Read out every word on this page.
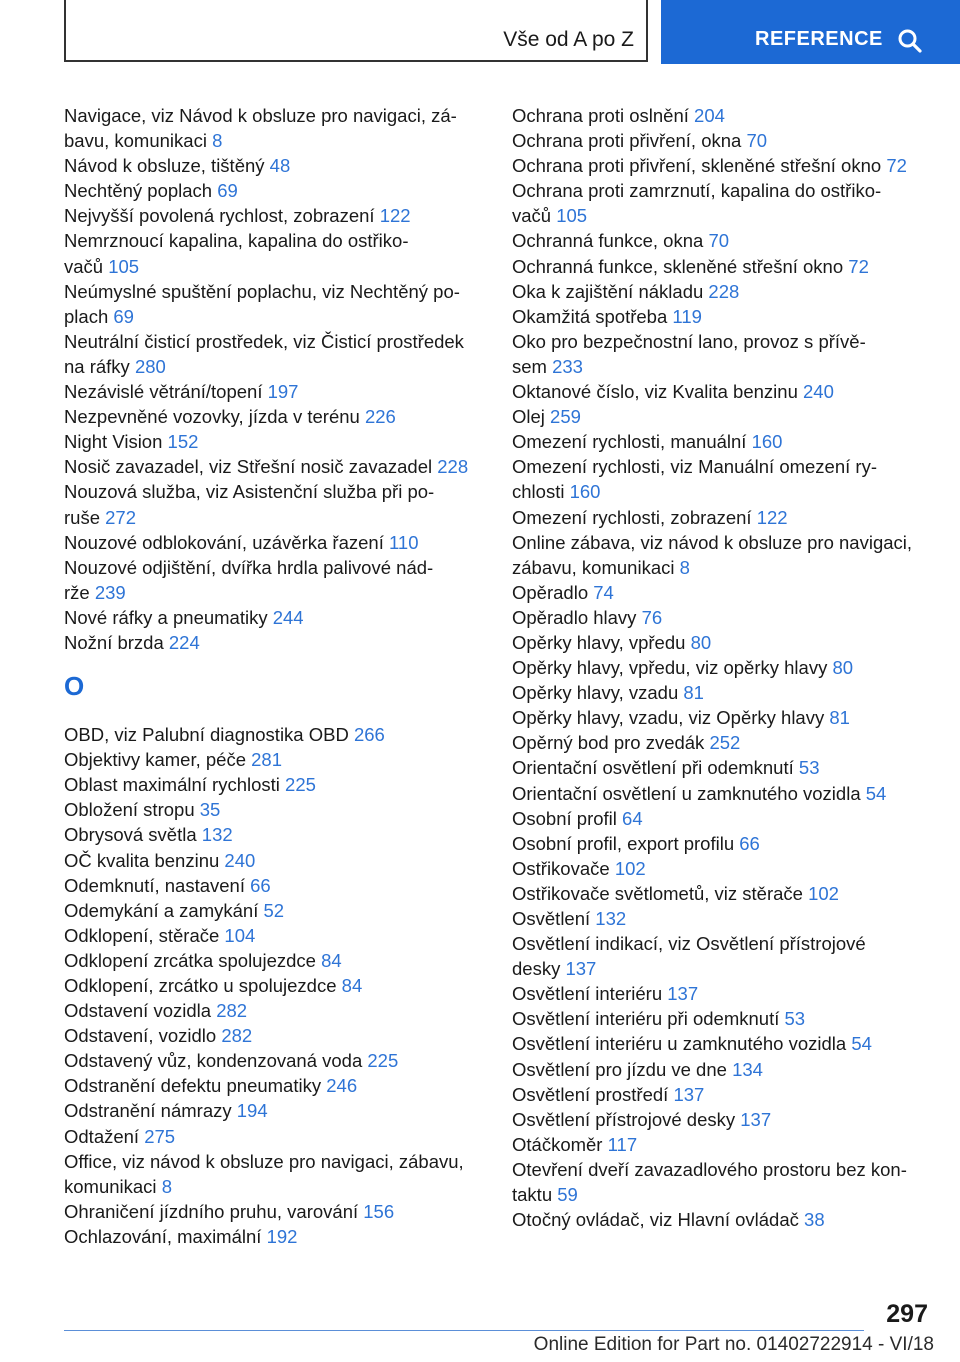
Vše od A po Z	REFERENCE
Navigace, viz Návod k obsluze pro navigaci, zá‐
bavu, komunikaci 8
Návod k obsluze, tištěný 48
Nechtěný poplach 69
Nejvyšší povolená rychlost, zobrazení 122
Nemrznoucí kapalina, kapalina do ostřiko‐
vačů 105
Neúmyslné spuštění poplachu, viz Nechtěný po‐
plach 69
Neutrální čisticí prostředek, viz Čisticí prostředek
na ráfky 280
Nezávislé větrání/topení 197
Nezpevněné vozovky, jízda v terénu 226
Night Vision 152
Nosič zavazadel, viz Střešní nosič zavazadel 228
Nouzová služba, viz Asistenční služba při po‐
ruše 272
Nouzové odblokování, uzávěrka řazení 110
Nouzové odjištění, dvířka hrdla palivové nád‐
rže 239
Nové ráfky a pneumatiky 244
Nožní brzda 224
O
OBD, viz Palubní diagnostika OBD 266
Objektivy kamer, péče 281
Oblast maximální rychlosti 225
Obložení stropu 35
Obrysová světla 132
OČ kvalita benzinu 240
Odemknutí, nastavení 66
Odemykání a zamykání 52
Odklopení, stěrače 104
Odklopení zrcátka spolujezdce 84
Odklopení, zrcátko u spolujezdce 84
Odstavení vozidla 282
Odstavení, vozidlo 282
Odstavený vůz, kondenzovaná voda 225
Odstranění defektu pneumatiky 246
Odstranění námrazy 194
Odtažení 275
Office, viz návod k obsluze pro navigaci, zábavu,
komunikaci 8
Ohraničení jízdního pruhu, varování 156
Ochlazování, maximální 192
Ochrana proti oslnění 204
Ochrana proti přivření, okna 70
Ochrana proti přivření, skleněné střešní okno 72
Ochrana proti zamrznutí, kapalina do ostřiko‐
vačů 105
Ochranná funkce, okna 70
Ochranná funkce, skleněné střešní okno 72
Oka k zajištění nákladu 228
Okamžitá spotřeba 119
Oko pro bezpečnostní lano, provoz s přívě‐
sem 233
Oktanové číslo, viz Kvalita benzinu 240
Olej 259
Omezení rychlosti, manuální 160
Omezení rychlosti, viz Manuální omezení ry‐
chlosti 160
Omezení rychlosti, zobrazení 122
Online zábava, viz návod k obsluze pro navigaci,
zábavu, komunikaci 8
Opěradlo 74
Opěradlo hlavy 76
Opěrky hlavy, vpředu 80
Opěrky hlavy, vpředu, viz opěrky hlavy 80
Opěrky hlavy, vzadu 81
Opěrky hlavy, vzadu, viz Opěrky hlavy 81
Opěrný bod pro zvedák 252
Orientační osvětlení při odemknutí 53
Orientační osvětlení u zamknutého vozidla 54
Osobní profil 64
Osobní profil, export profilu 66
Ostřikovače 102
Ostřikovače světlometů, viz stěrače 102
Osvětlení 132
Osvětlení indikací, viz Osvětlení přístrojové
desky 137
Osvětlení interiéru 137
Osvětlení interiéru při odemknutí 53
Osvětlení interiéru u zamknutého vozidla 54
Osvětlení pro jízdu ve dne 134
Osvětlení prostředí 137
Osvětlení přístrojové desky 137
Otáčkoměr 117
Otevření dveří zavazadlového prostoru bez kon‐
taktu 59
Otočný ovládač, viz Hlavní ovládač 38
297
Online Edition for Part no. 01402722914 - VI/18
